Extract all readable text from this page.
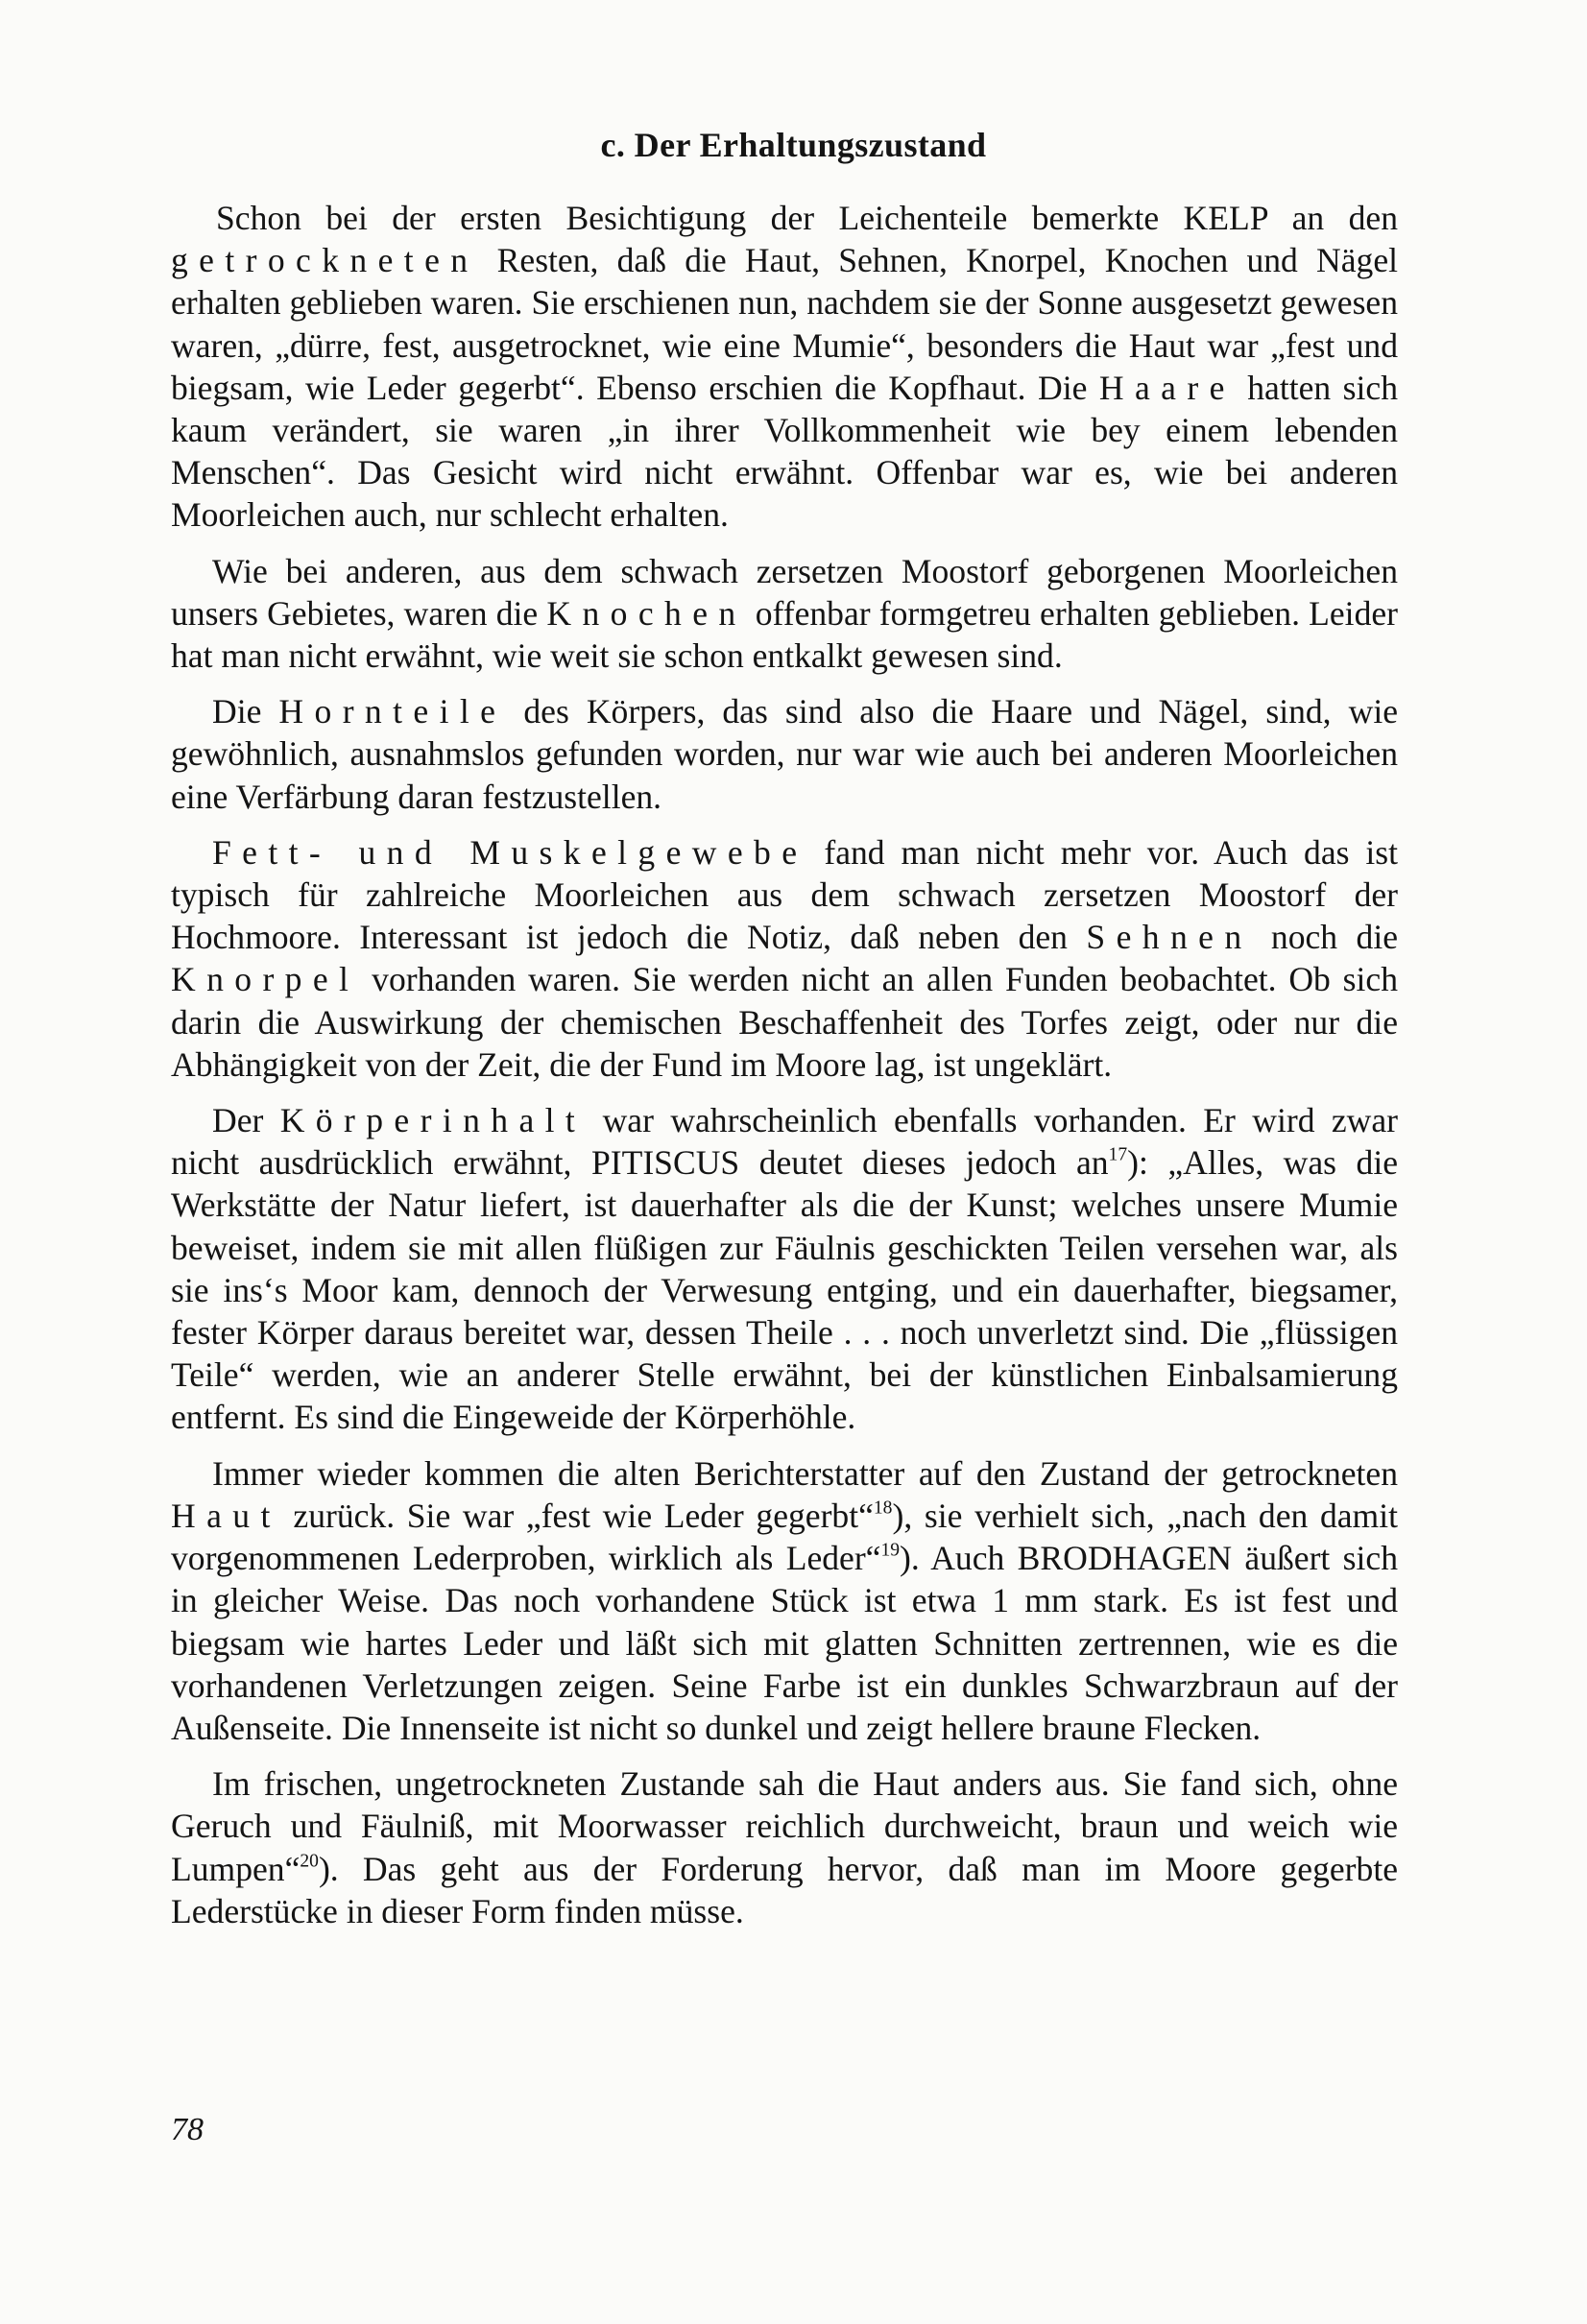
c. Der Erhaltungszustand

Schon bei der ersten Besichtigung der Leichenteile bemerkte KELP an den getrockneten Resten, daß die Haut, Sehnen, Knorpel, Knochen und Nägel erhalten geblieben waren. Sie erschienen nun, nachdem sie der Sonne ausgesetzt gewesen waren, „dürre, fest, ausgetrocknet, wie eine Mumie“, besonders die Haut war „fest und biegsam, wie Leder gegerbt“. Ebenso erschien die Kopfhaut. Die Haare hatten sich kaum verändert, sie waren „in ihrer Vollkommenheit wie bey einem lebenden Menschen“. Das Gesicht wird nicht erwähnt. Offenbar war es, wie bei anderen Moorleichen auch, nur schlecht erhalten.

Wie bei anderen, aus dem schwach zersetzen Moostorf geborgenen Moorleichen unsers Gebietes, waren die Knochen offenbar formgetreu erhalten geblieben. Leider hat man nicht erwähnt, wie weit sie schon entkalkt gewesen sind.

Die Hornteile des Körpers, das sind also die Haare und Nägel, sind, wie gewöhnlich, ausnahmslos gefunden worden, nur war wie auch bei anderen Moorleichen eine Verfärbung daran festzustellen.

Fett- und Muskelgewebe fand man nicht mehr vor. Auch das ist typisch für zahlreiche Moorleichen aus dem schwach zersetzen Moostorf der Hochmoore. Interessant ist jedoch die Notiz, daß neben den Sehnen noch die Knorpel vorhanden waren. Sie werden nicht an allen Funden beobachtet. Ob sich darin die Auswirkung der chemischen Beschaffenheit des Torfes zeigt, oder nur die Abhängigkeit von der Zeit, die der Fund im Moore lag, ist ungeklärt.

Der Körperinhalt war wahrscheinlich ebenfalls vorhanden. Er wird zwar nicht ausdrücklich erwähnt, PITISCUS deutet dieses jedoch $an^{17}$): „Alles, was die Werkstätte der Natur liefert, ist dauerhafter als die der Kunst; welches unsere Mumie beweiset, indem sie mit allen flüßigen zur Fäulnis geschickten Teilen versehen war, als sie ins‘s Moor kam, dennoch der Verwesung entging, und ein dauerhafter, biegsamer, fester Körper daraus bereitet war, dessen Theile . . . noch unverletzt sind. Die „flüssigen Teile“ werden, wie an anderer Stelle erwähnt, bei der künstlichen Einbalsamierung entfernt. Es sind die Eingeweide der Körperhöhle.

Immer wieder kommen die alten Berichterstatter auf den Zustand der getrockneten Haut zurück. Sie war „fest wie Leder gegerbt“$^{18}$), sie verhielt sich, „nach den damit vorgenommenen Lederproben, wirklich als Leder“$^{19}$). Auch BRODHAGEN äußert sich in gleicher Weise. Das noch vorhandene Stück ist etwa 1 mm stark. Es ist fest und biegsam wie hartes Leder und läßt sich mit glatten Schnitten zertrennen, wie es die vorhandenen Verletzungen zeigen. Seine Farbe ist ein dunkles Schwarzbraun auf der Außenseite. Die Innenseite ist nicht so dunkel und zeigt hellere braune Flecken.

Im frischen, ungetrockneten Zustande sah die Haut anders aus. Sie fand sich, ohne Geruch und Fäulniß, mit Moorwasser reichlich durchweicht, braun und weich wie Lumpen“$^{20}$). Das geht aus der Forderung hervor, daß man im Moore gegerbte Lederstücke in dieser Form finden müsse.

78
